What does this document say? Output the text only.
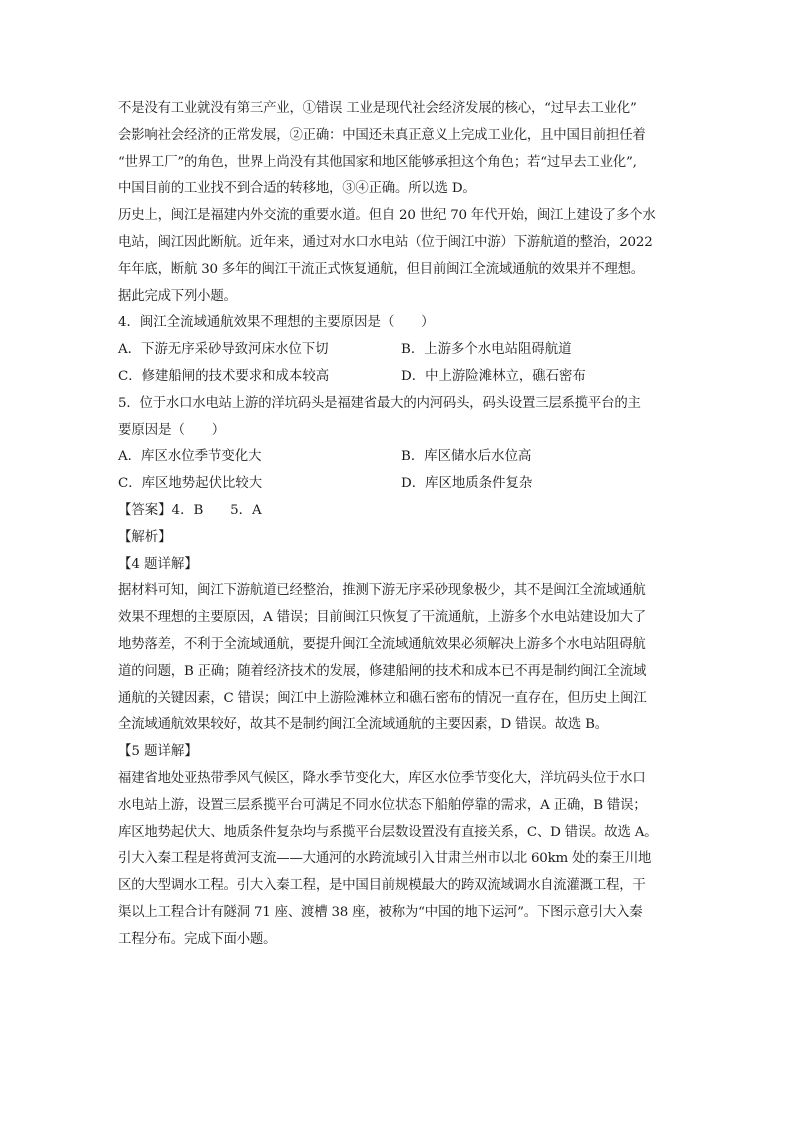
不是没有工业就没有第三产业，①错误 工业是现代社会经济发展的核心，“过早去工业化”

会影响社会经济的正常发展，②正确：中国还未真正意义上完成工业化，且中国目前担任着

“世界工厂”的角色，世界上尚没有其他国家和地区能够承担这个角色；若“过早去工业化”,

中国目前的工业找不到合适的转移地，③④正确。所以选 D。

历史上，闽江是福建内外交流的重要水道。但自 20 世纪 70 年代开始，闽江上建设了多个水

电站，闽江因此断航。近年来，通过对水口水电站（位于闽江中游）下游航道的整治，2022

年年底，断航 30 多年的闽江干流正式恢复通航，但目前闽江全流域通航的效果并不理想。

据此完成下列小题。

4．闽江全流域通航效果不理想的主要原因是（　　）

A．下游无序采砂导致河床水位下切	B．上游多个水电站阻碍航道
C．修建船闸的技术要求和成本较高	D．中上游险滩林立，礁石密布

5．位于水口水电站上游的洋坑码头是福建省最大的内河码头，码头设置三层系揽平台的主

要原因是（　　）

A．库区水位季节变化大	B．库区储水后水位高
C．库区地势起伏比较大	D．库区地质条件复杂

【答案】4．B　　5．A

【解析】

【4 题详解】

据材料可知，闽江下游航道已经整治，推测下游无序采砂现象极少，其不是闽江全流域通航

效果不理想的主要原因，A 错误；目前闽江只恢复了干流通航，上游多个水电站建设加大了

地势落差，不利于全流域通航，要提升闽江全流域通航效果必须解决上游多个水电站阻碍航

道的问题，B 正确；随着经济技术的发展，修建船闸的技术和成本已不再是制约闽江全流域

通航的关键因素，C 错误；闽江中上游险滩林立和礁石密布的情况一直存在，但历史上闽江

全流域通航效果较好，故其不是制约闽江全流域通航的主要因素，D 错误。故选 B。

【5 题详解】

福建省地处亚热带季风气候区，降水季节变化大，库区水位季节变化大，洋坑码头位于水口

水电站上游，设置三层系揽平台可满足不同水位状态下船舶停靠的需求，A 正确，B 错误；

库区地势起伏大、地质条件复杂均与系揽平台层数设置没有直接关系，C、D 错误。故选 A。

引大入秦工程是将黄河支流——大通河的水跨流域引入甘肃兰州市以北 60km 处的秦王川地

区的大型调水工程。引大入秦工程，是中国目前规模最大的跨双流域调水自流灌溉工程，干

渠以上工程合计有隧洞 71 座、渡槽 38 座，被称为“中国的地下运河”。下图示意引大入秦

工程分布。完成下面小题。
